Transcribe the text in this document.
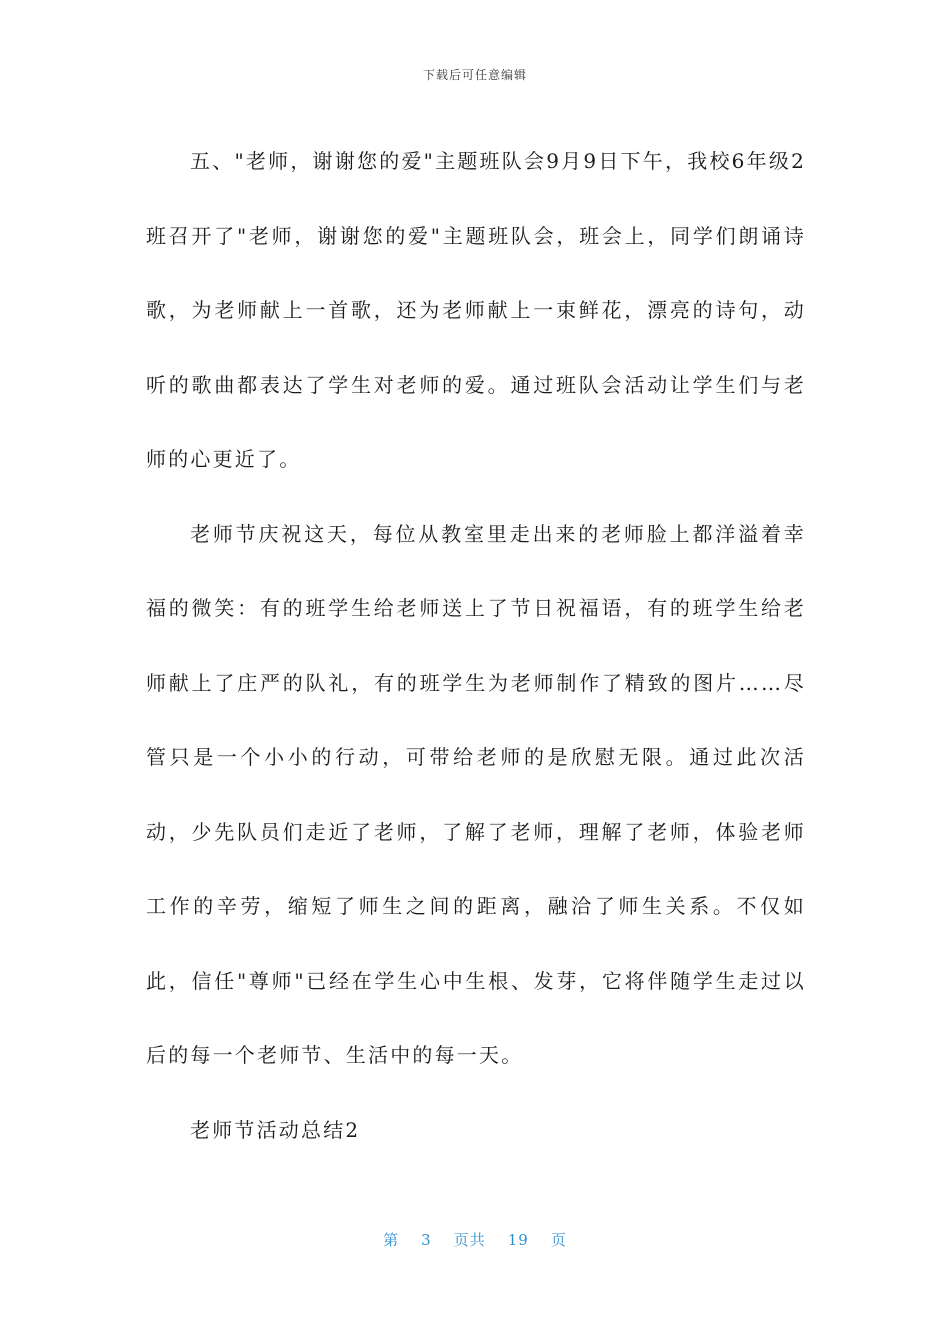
下载后可任意编辑

五、"老师，谢谢您的爱"主题班队会9月9日下午，我校6年级2班召开了"老师，谢谢您的爱"主题班队会，班会上，同学们朗诵诗歌，为老师献上一首歌，还为老师献上一束鲜花，漂亮的诗句，动听的歌曲都表达了学生对老师的爱。通过班队会活动让学生们与老师的心更近了。

老师节庆祝这天，每位从教室里走出来的老师脸上都洋溢着幸福的微笑：有的班学生给老师送上了节日祝福语，有的班学生给老师献上了庄严的队礼，有的班学生为老师制作了精致的图片……尽管只是一个小小的行动，可带给老师的是欣慰无限。通过此次活动，少先队员们走近了老师，了解了老师，理解了老师，体验老师工作的辛劳，缩短了师生之间的距离，融洽了师生关系。不仅如此，信任"尊师"已经在学生心中生根、发芽，它将伴随学生走过以后的每一个老师节、生活中的每一天。

老师节活动总结2

第 3 页共 19 页
